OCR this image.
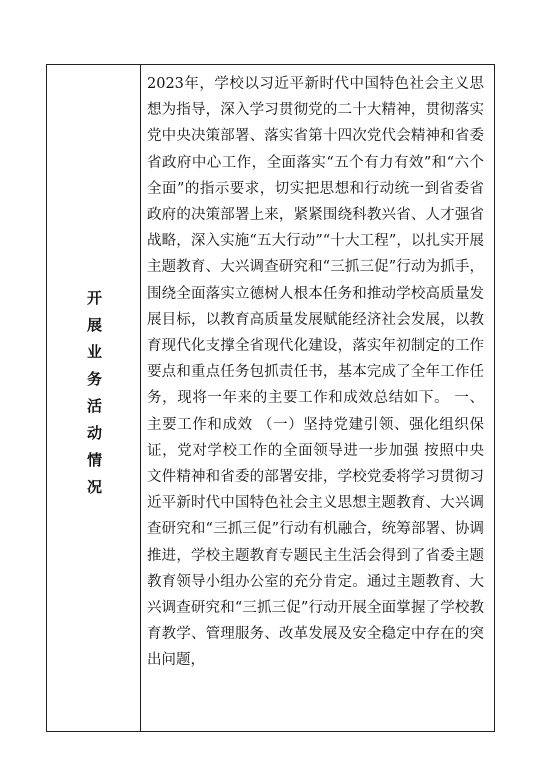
开展业务活动情况

2023年，学校以习近平新时代中国特色社会主义思想为指导，深入学习贯彻党的二十大精神，贯彻落实党中央决策部署、落实省第十四次党代会精神和省委省政府中心工作，全面落实“五个有力有效”和“六个全面”的指示要求，切实把思想和行动统一到省委省政府的决策部署上来，紧紧围绕科教兴省、人才强省战略，深入实施“五大行动”“十大工程”，以扎实开展主题教育、大兴调查研究和“三抓三促”行动为抓手，围绕全面落实立德树人根本任务和推动学校高质量发展目标，以教育高质量发展赋能经济社会发展，以教育现代化支撑全省现代化建设，落实年初制定的工作要点和重点任务包抓责任书，基本完成了全年工作任务，现将一年来的主要工作和成效总结如下。 一、主要工作和成效 （一）坚持党建引领、强化组织保证，党对学校工作的全面领导进一步加强 按照中央文件精神和省委的部署安排，学校党委将学习贯彻习近平新时代中国特色社会主义思想主题教育、大兴调查研究和“三抓三促”行动有机融合，统筹部署、协调推进，学校主题教育专题民主生活会得到了省委主题教育领导小组办公室的充分肯定。通过主题教育、大兴调查研究和“三抓三促”行动开展全面掌握了学校教育教学、管理服务、改革发展及安全稳定中存在的突出问题，
